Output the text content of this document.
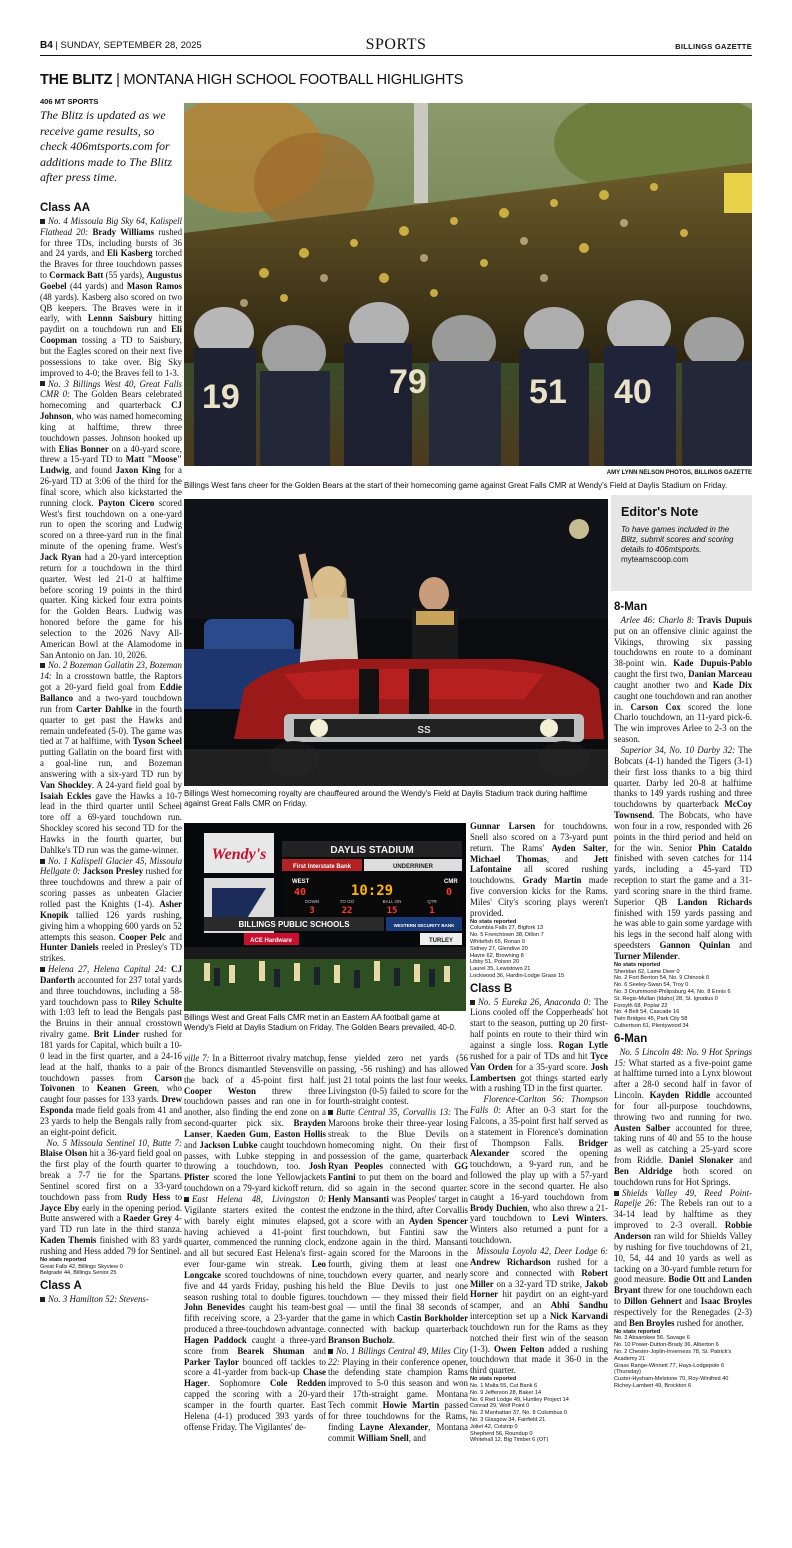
B4 | SUNDAY, SEPTEMBER 28, 2025	SPORTS	BILLINGS GAZETTE
THE BLITZ | MONTANA HIGH SCHOOL FOOTBALL HIGHLIGHTS
406 MT SPORTS
The Blitz is updated as we receive game results, so check 406mtsports.com for additions made to The Blitz after press time.
19	79	51 40
AMY LYNN NELSON PHOTOS, BILLINGS GAZETTE
Billings West fans cheer for the Golden Bears at the start of their homecoming game against Great Falls CMR at Wendy's Field at Daylis Stadium on Friday.
SS
Billings West homecoming royalty are chauffeured around the Wendy's Field at Daylis Stadium track during halftime against Great Falls CMR on Friday.
Editor's Note

To have games included in the Blitz, submit scores and scoring details to 406mtsports.
myteamscoop.com

Wendy's	DAYLIS STADIUM
First Interstate Bank	UNDERRINER
WEST	CMR
40	0
10:29
DOWN	TO GO	BALL ON	QTR
3	22	15	1
BILLINGS PUBLIC SCHOOLS	WESTERN SECURITY BANK
ACE Hardware	TURLEY
Billings West and Great Falls CMR met in an Eastern AA football game at Wendy's Field at Daylis Stadium on Friday. The Golden Bears prevailed, 40-0.
Class AA

No. 4 Missoula Big Sky 64, Kalispell Flathead 20: Brady Williams rushed for three TDs, including bursts of 36 and 24 yards, and Eli Kasberg torched the Braves for three touchdown passes to Cormack Batt (55 yards), Augustus Goebel (44 yards) and Mason Ramos (48 yards). Kasberg also scored on two QB keepers. The Braves were in it early, with Lennn Saisbury hitting paydirt on a touchdown run and Eli Coopman tossing a TD to Saisbury, but the Eagles scored on their next five possessions to take over. Big Sky improved to 4-0; the Braves fell to 1-3.

No. 3 Billings West 40, Great Falls CMR 0: The Golden Bears celebrated homecoming and quarterback CJ Johnson, who was named homecoming king at halftime, threw three touchdown passes. Johnson hooked up with Elias Bonner on a 40-yard score, threw a 15-yard TD to Matt "Moose" Ludwig, and found Jaxon King for a 26-yard TD at 3:06 of the third for the final score, which also kickstarted the running clock. Payton Cicero scored West's first touchdown on a one-yard run to open the scoring and Ludwig scored on a three-yard run in the final minute of the opening frame. West's Jack Ryan had a 20-yard interception return for a touchdown in the third quarter. West led 21-0 at halftime before scoring 19 points in the third quarter. King kicked four extra points for the Golden Bears. Ludwig was honored before the game for his selection to the 2026 Navy All-American Bowl at the Alamodome in San Antonio on Jan. 10, 2026.

No. 2 Bozeman Gallatin 23, Bozeman 14: In a crosstown battle, the Raptors got a 20-yard field goal from Eddie Ballanco and a two-yard touchdown run from Carter Dahlke in the fourth quarter to get past the Hawks and remain undefeated (5-0). The game was tied at 7 at halftime, with Tyson Scheel putting Gallatin on the board first with a goal-line run, and Bozeman answering with a six-yard TD run by Van Shockley. A 24-yard field goal by Isaiah Eckles gave the Hawks a 10-7 lead in the third quarter until Scheel tore off a 69-yard touchdown run. Shockley scored his second TD for the Hawks in the fourth quarter, but Dahlke's TD run was the game-winner.

No. 1 Kalispell Glacier 45, Missoula Hellgate 0: Jackson Presley rushed for three touchdowns and threw a pair of scoring passes as unbeaten Glacier rolled past the Knights (1-4). Asher Knopik tallied 126 yards rushing, giving him a whopping 600 yards on 52 attempts this season. Cooper Pelc and Hunter Daniels reeled in Presley's TD strikes.

Helena 27, Helena Capital 24: CJ Danforth accounted for 237 total yards and three touchdowns, including a 58-yard touchdown pass to Riley Schulte with 1:03 left to lead the Bengals past the Bruins in their annual crosstown rivalry game. Brit Linder rushed for 181 yards for Capital, which built a 10-0 lead in the first quarter, and a 24-16 lead at the half, thanks to a pair of touchdown passes from Carson Toivonen to Keanen Green, who caught four passes for 133 yards. Drew Esponda made field goals from 41 and 23 yards to help the Bengals rally from an eight-point deficit.

No. 5 Missoula Sentinel 10, Butte 7: Blaise Olson hit a 36-yard field goal on the first play of the fourth quarter to break a 7-7 tie for the Spartans. Sentinel scored first on a 33-yard touchdown pass from Rudy Hess to Jayce Eby early in the opening period. Butte answered with a Raeder Grey 4-yard TD run late in the third stanza. Kaden Themis finished with 83 yards rushing and Hess added 79 for Sentinel.

No stats reported
Great Falls 42, Billings Skyview 0
Belgrade 44, Billings Senior 25
Class A

No. 3 Hamilton 52: Stevens-

ville 7: In a Bitterroot rivalry matchup, the Broncs dismantled Stevensville on the back of a 45-point first half. Cooper Weston threw three touchdown passes and ran one in for another, also finding the end zone on a second-quarter pick six. Brayden Lanser, Kaeden Gum, Easton Hollis and Jackson Lubke caught touchdown passes, with Lubke stepping in and throwing a touchdown, too. Josh Pfister scored the lone Yellowjackets touchdown on a 79-yard kickoff return.

East Helena 48, Livingston 0: Vigilante starters exited the contest with barely eight minutes elapsed, having achieved a 41-point first quarter, commenced the running clock, and all but secured East Helena's first-ever four-game win streak. Leo Longcake scored touchdowns of nine, five and 44 yards Friday, pushing his season rushing total to double figures. John Benevides caught his team-best fifth receiving score, a 23-yarder that produced a three-touchdown advantage. Hagen Paddock caught a three-yard score from Bearek Shuman and Parker Taylor bounced off tackles to score a 41-yarder from back-up Chase Hager. Sophomore Cole Redden capped the scoring with a 20-yard scamper in the fourth quarter. East Helena (4-1) produced 393 yards of offense Friday. The Vigilantes' de-

fense yielded zero net yards (56 passing, -56 rushing) and has allowed just 21 total points the last four weeks. Livingston (0-5) failed to score for the fourth-straight contest.

Butte Central 35, Corvallis 13: The Maroons broke their three-year losing streak to the Blue Devils on homecoming night. On their first possession of the game, quarterback Ryan Peoples connected with GG Fantini to put them on the board and did so again in the second quarter. Henly Mansanti was Peoples' target in the endzone in the third, after Corvallis got a score with an Ayden Spencer touchdown, but Fantini saw the endzone again in the third. Mansanti again scored for the Maroons in the fourth, giving them at least one touchdown every quarter, and nearly held the Blue Devils to just one touchdown — they missed their field goal — until the final 38 seconds of the game in which Castin Borkholder connected with backup quarterback Branson Bucholz.

No. 1 Billings Central 49, Miles City 22: Playing in their conference opener, the defending state champion Rams improved to 5-0 this season and won their 17th-straight game. Montana Tech commit Howie Martin passed for three touchdowns for the Rams, finding Layne Alexander, Montana commit William Snell, and

Gunnar Larsen for touchdowns. Snell also scored on a 73-yard punt return. The Rams' Ayden Salter, Michael Thomas, and Jett Lafontaine all scored rushing touchdowns. Grady Martin made five conversion kicks for the Rams. Miles' City's scoring plays weren't provided.

No stats reported
Columbia Falls 27, Bigfork 13
No. 5 Frenchtown 38, Dillon 7
Whitefish 65, Ronan 0
Sidney 27, Glendive 20
Havre 62, Browning 8
Libby 51, Polson 20
Laurel 35, Lewistown 21
Lockwood 36, Hardin-Lodge Grass 15
Class B

No. 5 Eureka 26, Anaconda 0: The Lions cooled off the Copperheads' hot start to the season, putting up 20 first-half points en route to their third win against a single loss. Rogan Lytle rushed for a pair of TDs and hit Tyce Van Orden for a 35-yard score. Josh Lambertsen got things started early with a rushing TD in the first quarter.

Florence-Carlton 56: Thompson Falls 0: After an 0-3 start for the Falcons, a 35-point first half served as a statement in Florence's domination of Thompson Falls. Bridger Alexander scored the opening touchdown, a 9-yard run, and he followed the play up with a 57-yard score in the second quarter. He also caught a 16-yard touchdown from Brody Duchien, who also threw a 21-yard touchdown to Levi Winters. Winters also returned a punt for a touchdown.

Missoula Loyola 42, Deer Lodge 6: Andrew Richardson rushed for a score and connected with Robert Miller on a 32-yard TD strike, Jakob Horner hit paydirt on an eight-yard scamper, and an Abhi Sandhu interception set up a Nick Karvandi touchdown run for the Rams as they notched their first win of the season (1-3). Owen Felton added a rushing touchdown that made it 36-0 in the third quarter.

No stats reported
No. 1 Malta 55, Cut Bank 6
No. 9 Jefferson 28, Baker 14
No. 6 Red Lodge 49, Huntley Project 14
Conrad 29, Wolf Point 0
No. 2 Manhattan 37, No. 8 Columbus 0
No. 3 Glasgow 34, Fairfield 21
Joliet 42, Colstrip 0
Shepherd 56, Roundup 0
Whitehall 12, Big Timber 6 (OT)
8-Man

Arlee 46: Charlo 8: Travis Dupuis put on an offensive clinic against the Vikings, throwing six passing touchdowns en route to a dominant 38-point win. Kade Dupuis-Pablo caught the first two, Danian Marceau caught another two and Kade Dix caught one touchdown and ran another in. Carson Cox scored the lone Charlo touchdown, an 11-yard pick-6. The win improves Arlee to 2-3 on the season.

Superior 34, No. 10 Darby 32: The Bobcats (4-1) handed the Tigers (3-1) their first loss thanks to a big third quarter. Darby led 20-8 at halftime thanks to 149 yards rushing and three touchdowns by quarterback McCoy Townsend. The Bobcats, who have won four in a row, responded with 26 points in the third period and held on for the win. Senior Phin Cataldo finished with seven catches for 114 yards, including a 45-yard TD reception to start the game and a 31-yard scoring snare in the third frame. Superior QB Landon Richards finished with 159 yards passing and he was able to gain some yardage with his legs in the second half along with speedsters Gannon Quinlan and Turner Milender.

No stats reported
Sheridan 62, Lame Deer 0
No. 2 Fort Benton 54, No. 9 Chinook 0
No. 6 Seeley-Swan 54, Troy 0
No. 3 Drummond-Philipsburg 44, No. 8 Ennis 6
St. Regis-Mullan (Idaho) 28, St. Ignatius 0
Forsyth 68, Poplar 22
No. 4 Belt 54, Cascade 16
Twin Bridges 45, Park City 58
Culbertson 61, Plentywood 34
6-Man

No. 5 Lincoln 48: No. 9 Hot Springs 15: What started as a five-point game at halftime turned into a Lynx blowout after a 28-0 second half in favor of Lincoln. Kayden Riddle accounted for four all-purpose touchdowns, throwing two and running for two. Austen Salber accounted for three, taking runs of 40 and 55 to the house as well as catching a 25-yard score from Riddle. Daniel Slonaker and Ben Aldridge both scored on touchdown runs for Hot Springs.

Shields Valley 49, Reed Point-Rapelje 26: The Rebels ran out to a 34-14 lead by halftime as they improved to 2-3 overall. Robbie Anderson ran wild for Shields Valley by rushing for five touchdowns of 21, 10, 54, 44 and 10 yards as well as tacking on a 30-yard fumble return for good measure. Bodie Ott and Landen Bryant threw for one touchdown each to Dillon Gehnert and Isaac Broyles respectively for the Renegades (2-3) and Ben Broyles rushed for another.

No stats reported
No. 3 Absarokee 56, Savage 6
No. 10 Power-Dutton-Brady 36, Alberton 6
No. 2 Chester-Joplin-Inverness 78, St. Patrick's Academy 21
Grass Range-Winnett 77, Hays-Lodgepole 6 (Thursday)
Custer-Hysham-Melstone 70, Roy-Winifred 40
Richey-Lambert 49, Brockton 6
